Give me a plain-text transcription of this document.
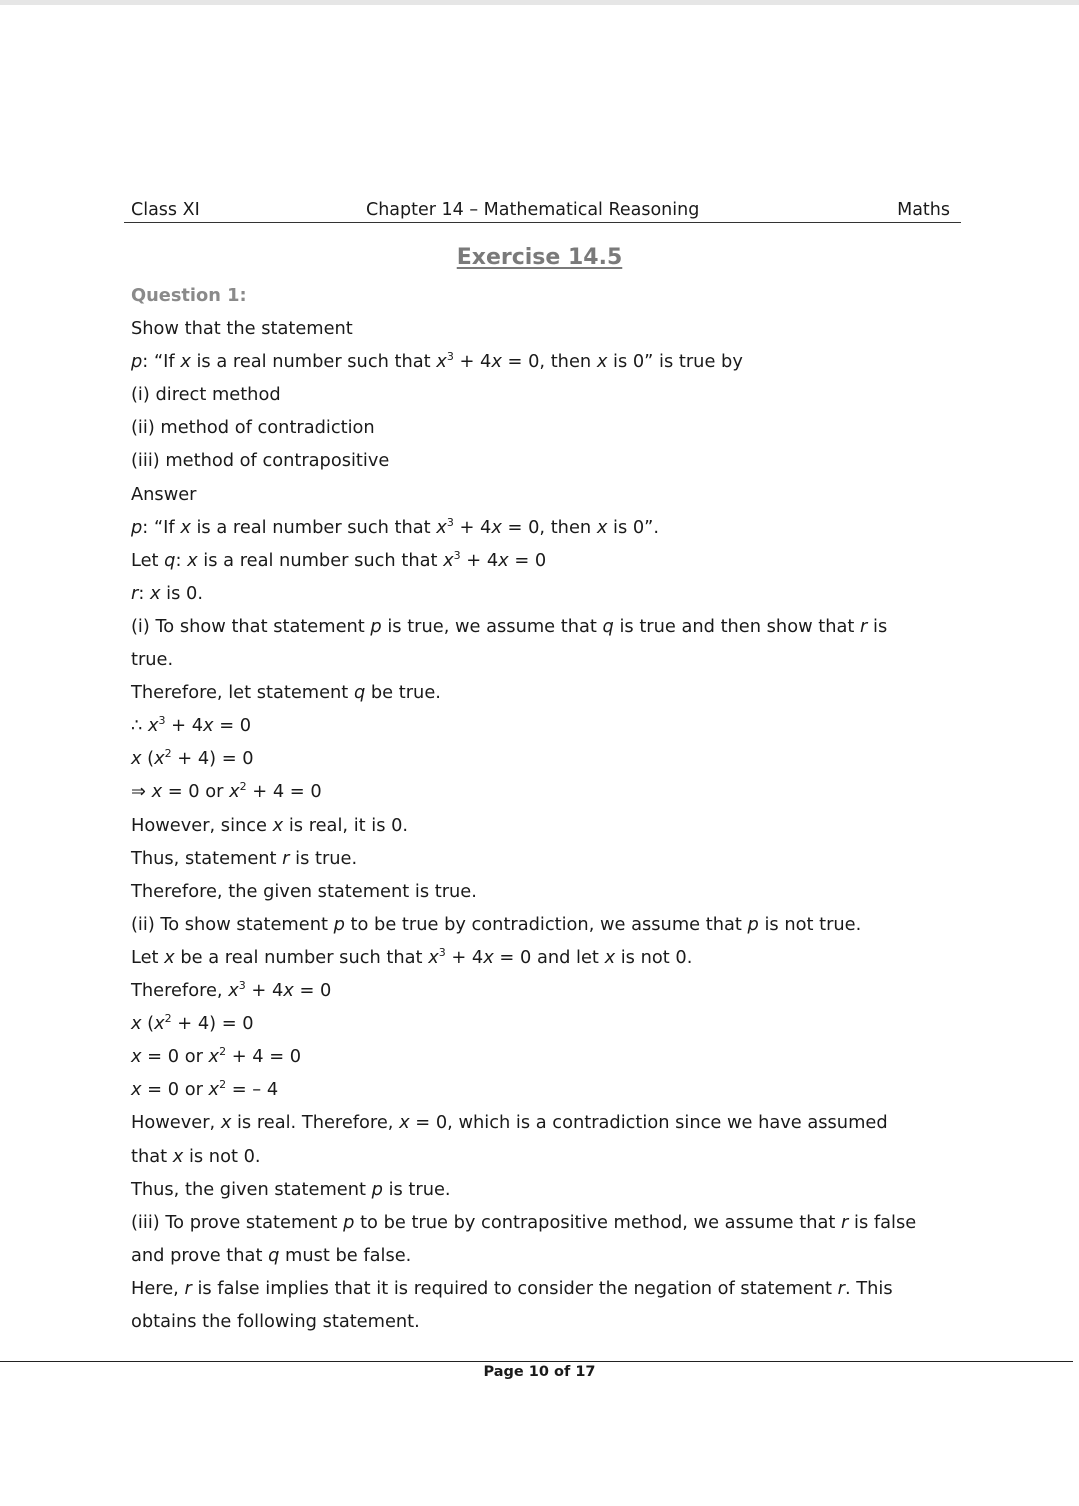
Class XI	Chapter 14 – Mathematical Reasoning	Maths
Exercise 14.5
Question 1:
Show that the statement
p: “If x is a real number such that $x^3 + 4x = 0$, then x is 0” is true by
(i) direct method
(ii) method of contradiction
(iii) method of contrapositive
Answer
p: “If x is a real number such that $x^3 + 4x = 0$, then x is 0”.
Let q: x is a real number such that $x^3 + 4x = 0$
r: x is 0.
(i) To show that statement p is true, we assume that q is true and then show that r is
true.
Therefore, let statement q be true.
∴ $x^3 + 4x = 0$
x $(x^2 + 4) = 0$
⇒ x = 0 or $x^2 + 4 = 0$
However, since x is real, it is 0.
Thus, statement r is true.
Therefore, the given statement is true.
(ii) To show statement p to be true by contradiction, we assume that p is not true.
Let x be a real number such that $x^3 + 4x = 0$ and let x is not 0.
Therefore, $x^3 + 4x = 0$
x $(x^2 + 4) = 0$
x = 0 or $x^2 + 4 = 0$
x = 0 or $x^2$ = – 4
However, x is real. Therefore, x = 0, which is a contradiction since we have assumed
that x is not 0.
Thus, the given statement p is true.
(iii) To prove statement p to be true by contrapositive method, we assume that r is false
and prove that q must be false.
Here, r is false implies that it is required to consider the negation of statement r. This
obtains the following statement.
Page 10 of 17
